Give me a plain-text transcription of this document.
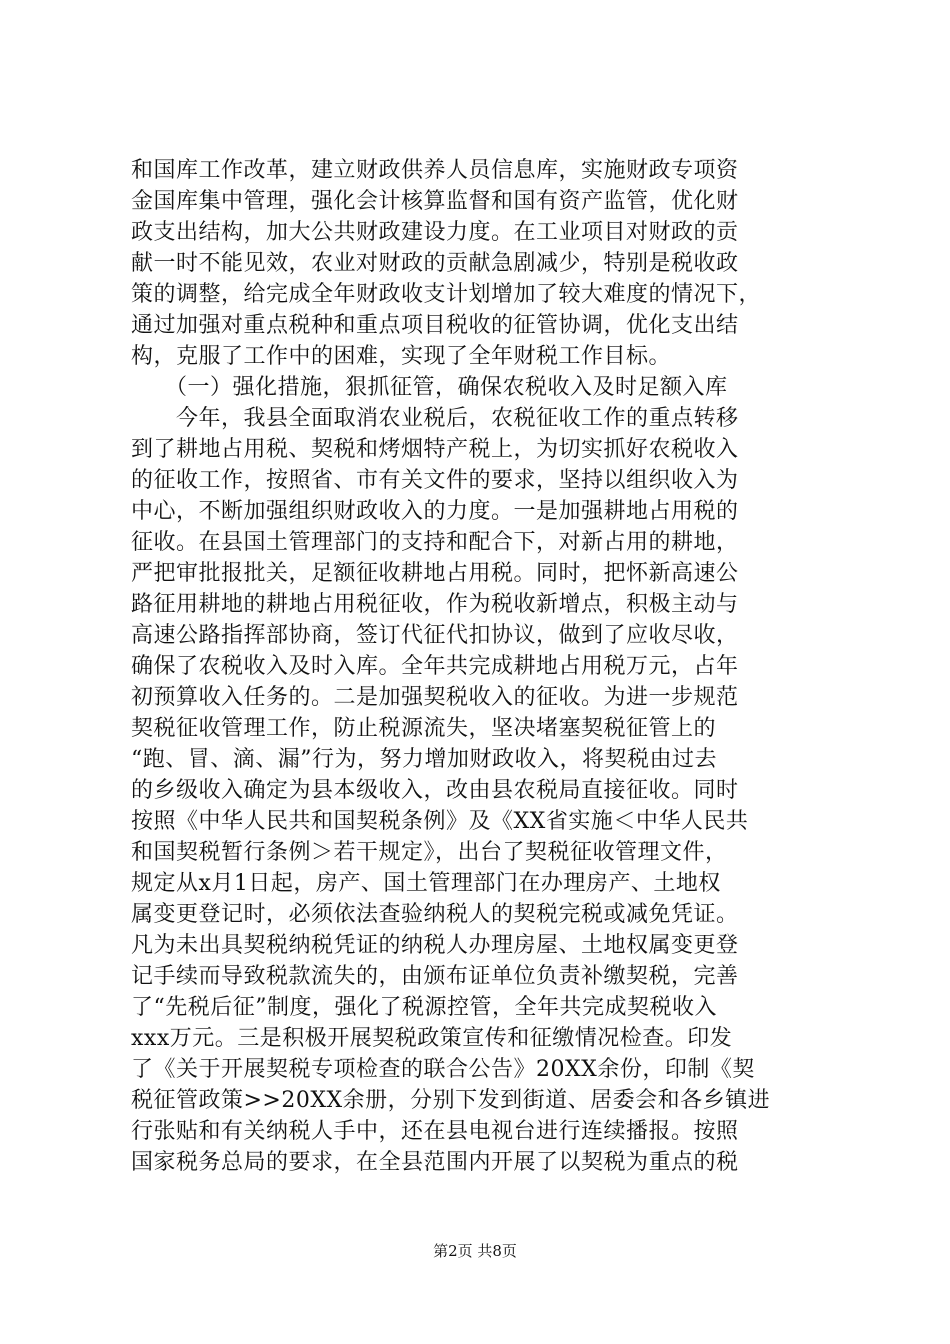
和国库工作改革，建立财政供养人员信息库，实施财政专项资
金国库集中管理，强化会计核算监督和国有资产监管，优化财
政支出结构，加大公共财政建设力度。在工业项目对财政的贡
献一时不能见效，农业对财政的贡献急剧减少，特别是税收政
策的调整，给完成全年财政收支计划增加了较大难度的情况下，
通过加强对重点税种和重点项目税收的征管协调，优化支出结
构，克服了工作中的困难，实现了全年财税工作目标。
　　（一）强化措施，狠抓征管，确保农税收入及时足额入库
　　今年，我县全面取消农业税后，农税征收工作的重点转移
到了耕地占用税、契税和烤烟特产税上，为切实抓好农税收入
的征收工作，按照省、市有关文件的要求，坚持以组织收入为
中心，不断加强组织财政收入的力度。一是加强耕地占用税的
征收。在县国土管理部门的支持和配合下，对新占用的耕地，
严把审批报批关，足额征收耕地占用税。同时，把怀新高速公
路征用耕地的耕地占用税征收，作为税收新增点，积极主动与
高速公路指挥部协商，签订代征代扣协议，做到了应收尽收，
确保了农税收入及时入库。全年共完成耕地占用税万元，占年
初预算收入任务的。二是加强契税收入的征收。为进一步规范
契税征收管理工作，防止税源流失，坚决堵塞契税征管上的
“跑、冒、滴、漏”行为，努力增加财政收入，将契税由过去
的乡级收入确定为县本级收入，改由县农税局直接征收。同时
按照《中华人民共和国契税条例》及《XX省实施＜中华人民共
和国契税暂行条例＞若干规定》，出台了契税征收管理文件，
规定从x月1日起，房产、国土管理部门在办理房产、土地权
属变更登记时，必须依法查验纳税人的契税完税或减免凭证。
凡为未出具契税纳税凭证的纳税人办理房屋、土地权属变更登
记手续而导致税款流失的，由颁布证单位负责补缴契税，完善
了“先税后征”制度，强化了税源控管，全年共完成契税收入
xxx万元。三是积极开展契税政策宣传和征缴情况检查。印发
了《关于开展契税专项检查的联合公告》20XX余份，印制《契
税征管政策>>20XX余册，分别下发到街道、居委会和各乡镇进
行张贴和有关纳税人手中，还在县电视台进行连续播报。按照
国家税务总局的要求，在全县范围内开展了以契税为重点的税
第2页 共8页
